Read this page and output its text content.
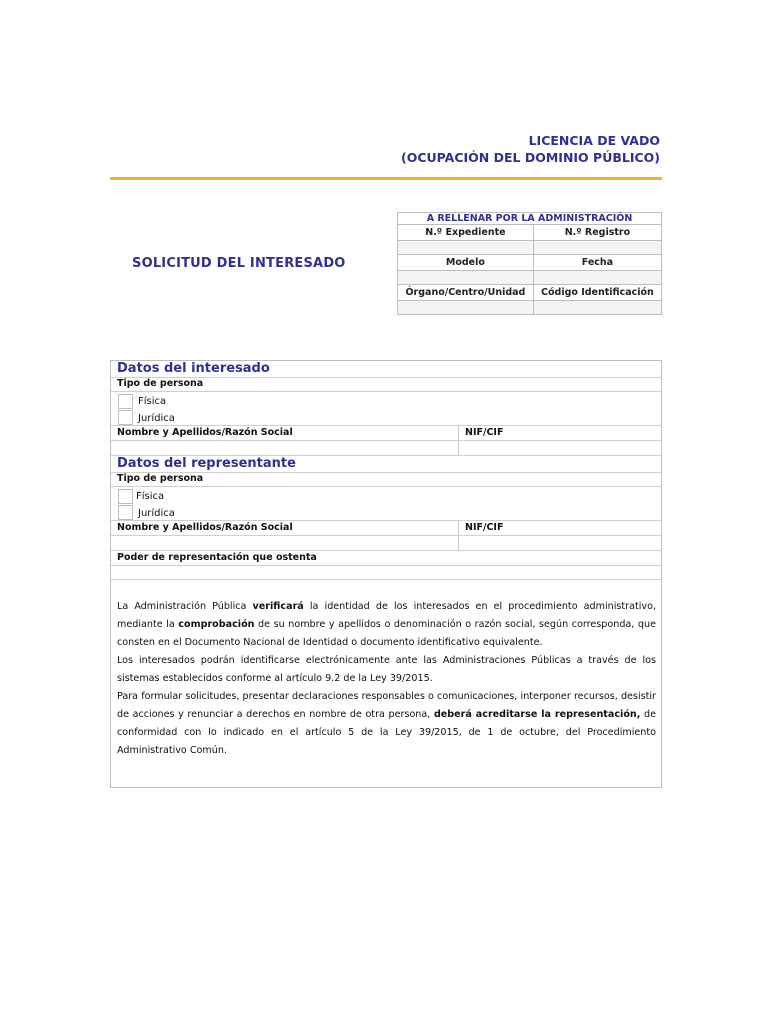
LICENCIA DE VADO
(OCUPACIÓN DEL DOMINIO PÚBLICO)
SOLICITUD DEL INTERESADO
A RELLENAR POR LA ADMINISTRACIÓN	
N.º Expediente	N.º Registro

Modelo	Fecha

Órgano/Centro/Unidad	Código Identificación

Datos del interesado
Tipo de persona
Física
Jurídica
Nombre y Apellidos/Razón Social	NIF/CIF
Datos del representante
Tipo de persona
Física
Jurídica
Nombre y Apellidos/Razón Social	NIF/CIF
Poder de representación que ostenta

La Administración Pública verificará la identidad de los interesados en el procedimiento administrativo, mediante la comprobación de su nombre y apellidos o denominación o razón social, según corresponda, que consten en el Documento Nacional de Identidad o documento identificativo equivalente.

Los interesados podrán identificarse electrónicamente ante las Administraciones Públicas a través de los sistemas establecidos conforme al artículo 9.2 de la Ley 39/2015.

Para formular solicitudes, presentar declaraciones responsables o comunicaciones, interponer recursos, desistir de acciones y renunciar a derechos en nombre de otra persona, deberá acreditarse la representación, de conformidad con lo indicado en el artículo 5 de la Ley 39/2015, de 1 de octubre, del Procedimiento Administrativo Común.
